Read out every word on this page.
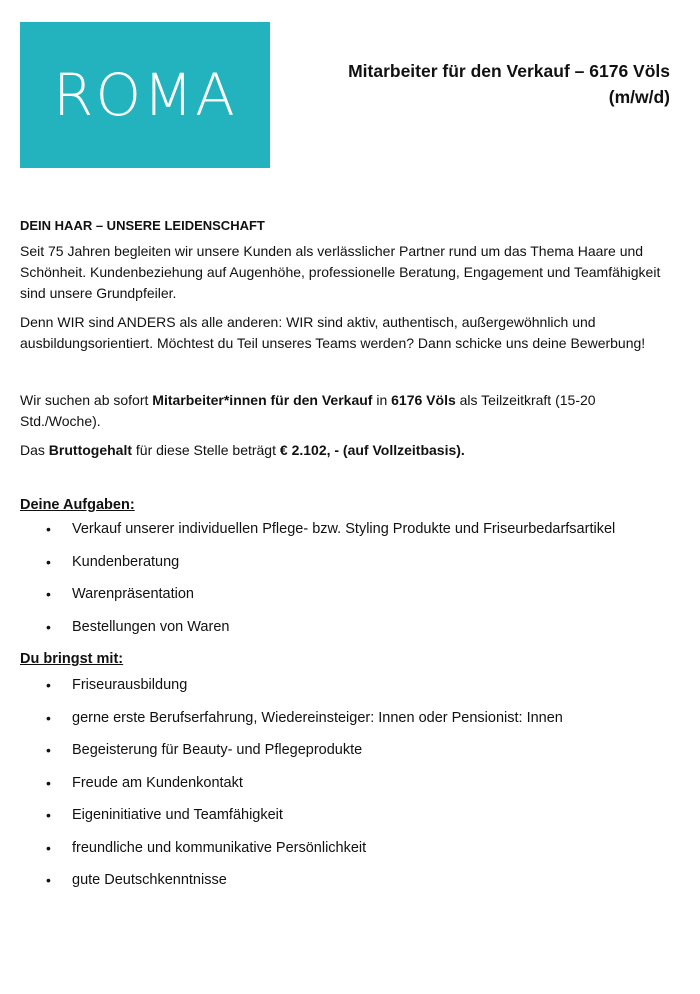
ROMA	Mitarbeiter für den Verkauf – 6176 Völs
(m/w/d)
DEIN HAAR – UNSERE LEIDENSCHAFT

Seit 75 Jahren begleiten wir unsere Kunden als verlässlicher Partner rund um das Thema Haare und Schönheit. Kundenbeziehung auf Augenhöhe, professionelle Beratung, Engagement und Teamfähigkeit sind unsere Grundpfeiler.

Denn WIR sind ANDERS als alle anderen: WIR sind aktiv, authentisch, außergewöhnlich und ausbildungsorientiert. Möchtest du Teil unseres Teams werden? Dann schicke uns deine Bewerbung!

Wir suchen ab sofort Mitarbeiter*innen für den Verkauf in 6176 Völs als Teilzeitkraft (15-20 Std./Woche).

Das Bruttogehalt für diese Stelle beträgt € 2.102, - (auf Vollzeitbasis).

Deine Aufgaben:
• Verkauf unserer individuellen Pflege- bzw. Styling Produkte und Friseurbedarfsartikel
• Kundenberatung
• Warenpräsentation
• Bestellungen von Waren
Du bringst mit:
• Friseurausbildung
• gerne erste Berufserfahrung, Wiedereinsteiger: Innen oder Pensionist: Innen
• Begeisterung für Beauty- und Pflegeprodukte
• Freude am Kundenkontakt
• Eigeninitiative und Teamfähigkeit
• freundliche und kommunikative Persönlichkeit
• gute Deutschkenntnisse
